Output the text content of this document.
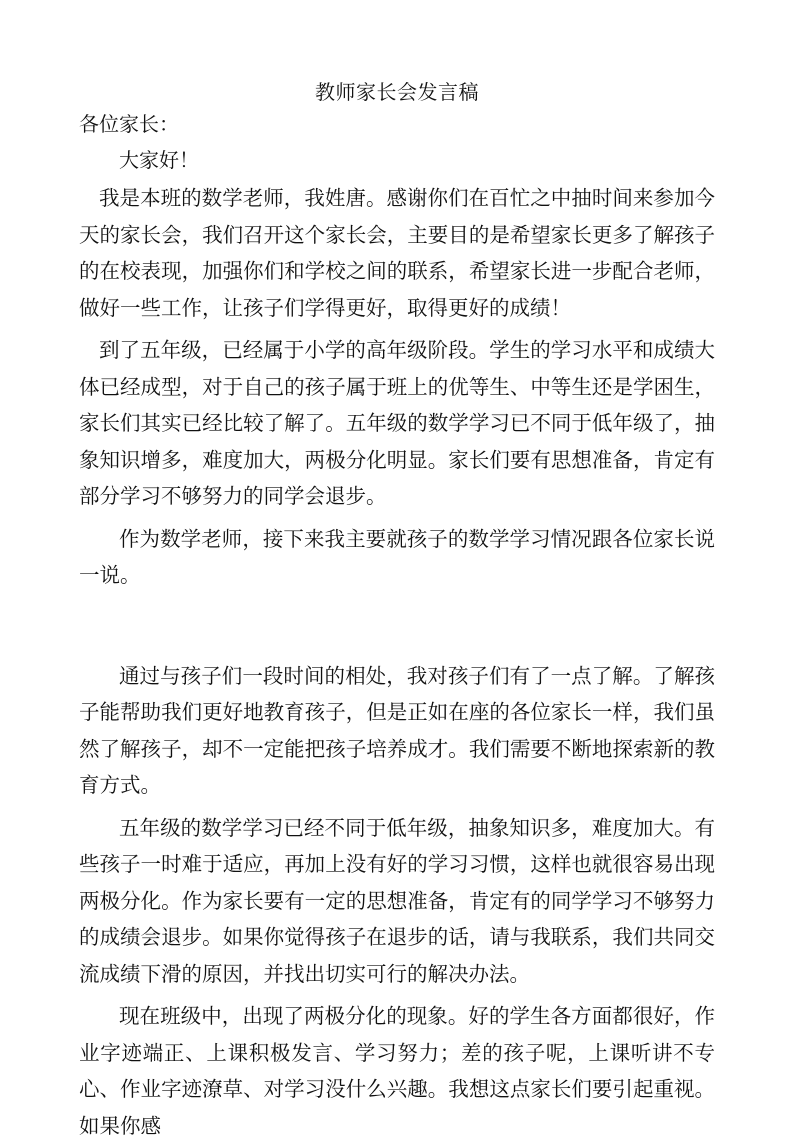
教师家长会发言稿
各位家长：
大家好！

我是本班的数学老师，我姓唐。感谢你们在百忙之中抽时间来参加今天的家长会，我们召开这个家长会，主要目的是希望家长更多了解孩子的在校表现，加强你们和学校之间的联系，希望家长进一步配合老师，做好一些工作，让孩子们学得更好，取得更好的成绩！

到了五年级，已经属于小学的高年级阶段。学生的学习水平和成绩大体已经成型，对于自己的孩子属于班上的优等生、中等生还是学困生，家长们其实已经比较了解了。五年级的数学学习已不同于低年级了，抽象知识增多，难度加大，两极分化明显。家长们要有思想准备，肯定有部分学习不够努力的同学会退步。

作为数学老师，接下来我主要就孩子的数学学习情况跟各位家长说一说。

通过与孩子们一段时间的相处，我对孩子们有了一点了解。了解孩子能帮助我们更好地教育孩子，但是正如在座的各位家长一样，我们虽然了解孩子，却不一定能把孩子培养成才。我们需要不断地探索新的教育方式。

五年级的数学学习已经不同于低年级，抽象知识多，难度加大。有些孩子一时难于适应，再加上没有好的学习习惯，这样也就很容易出现两极分化。作为家长要有一定的思想准备，肯定有的同学学习不够努力的成绩会退步。如果你觉得孩子在退步的话，请与我联系，我们共同交流成绩下滑的原因，并找出切实可行的解决办法。

现在班级中，出现了两极分化的现象。好的学生各方面都很好，作业字迹端正、上课积极发言、学习努力；差的孩子呢，上课听讲不专心、作业字迹潦草、对学习没什么兴趣。我想这点家长们要引起重视。如果你感
